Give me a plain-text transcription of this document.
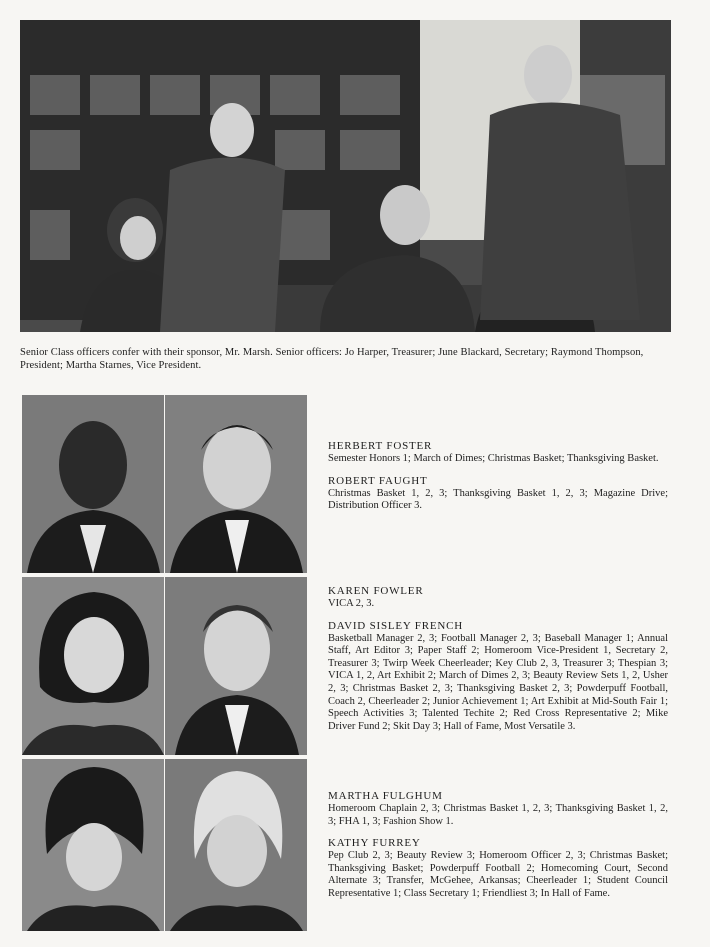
Senior Class officers confer with their sponsor, Mr. Marsh. Senior officers: Jo Harper, Treasurer; June Blackard, Secretary; Raymond Thompson, President; Martha Starnes, Vice President.

HERBERT FOSTER

Semester Honors 1; March of Dimes; Christmas Basket; Thanksgiving Basket.

ROBERT FAUGHT

Christmas Basket 1, 2, 3; Thanksgiving Basket 1, 2, 3; Magazine Drive; Distribution Officer 3.

KAREN FOWLER

VICA 2, 3.

DAVID SISLEY FRENCH

Basketball Manager 2, 3; Football Manager 2, 3; Baseball Manager 1; Annual Staff, Art Editor 3; Paper Staff 2; Homeroom Vice-President 1, Secretary 2, Treasurer 3; Twirp Week Cheerleader; Key Club 2, 3, Treasurer 3; Thespian 3; VICA 1, 2, Art Exhibit 2; March of Dimes 2, 3; Beauty Review Sets 1, 2, Usher 2, 3; Christmas Basket 2, 3; Thanksgiving Basket 2, 3; Powderpuff Football, Coach 2, Cheerleader 2; Junior Achievement 1; Art Exhibit at Mid-South Fair 1; Speech Activities 3; Talented Techite 2; Red Cross Representative 2; Mike Driver Fund 2; Skit Day 3; Hall of Fame, Most Versatile 3.

MARTHA FULGHUM

Homeroom Chaplain 2, 3; Christmas Basket 1, 2, 3; Thanksgiving Basket 1, 2, 3; FHA 1, 3; Fashion Show 1.

KATHY FURREY

Pep Club 2, 3; Beauty Review 3; Homeroom Officer 2, 3; Christmas Basket; Thanksgiving Basket; Powderpuff Football 2; Homecoming Court, Second Alternate 3; Transfer, McGehee, Arkansas; Cheerleader 1; Student Council Representative 1; Class Secretary 1; Friendliest 3; In Hall of Fame.
